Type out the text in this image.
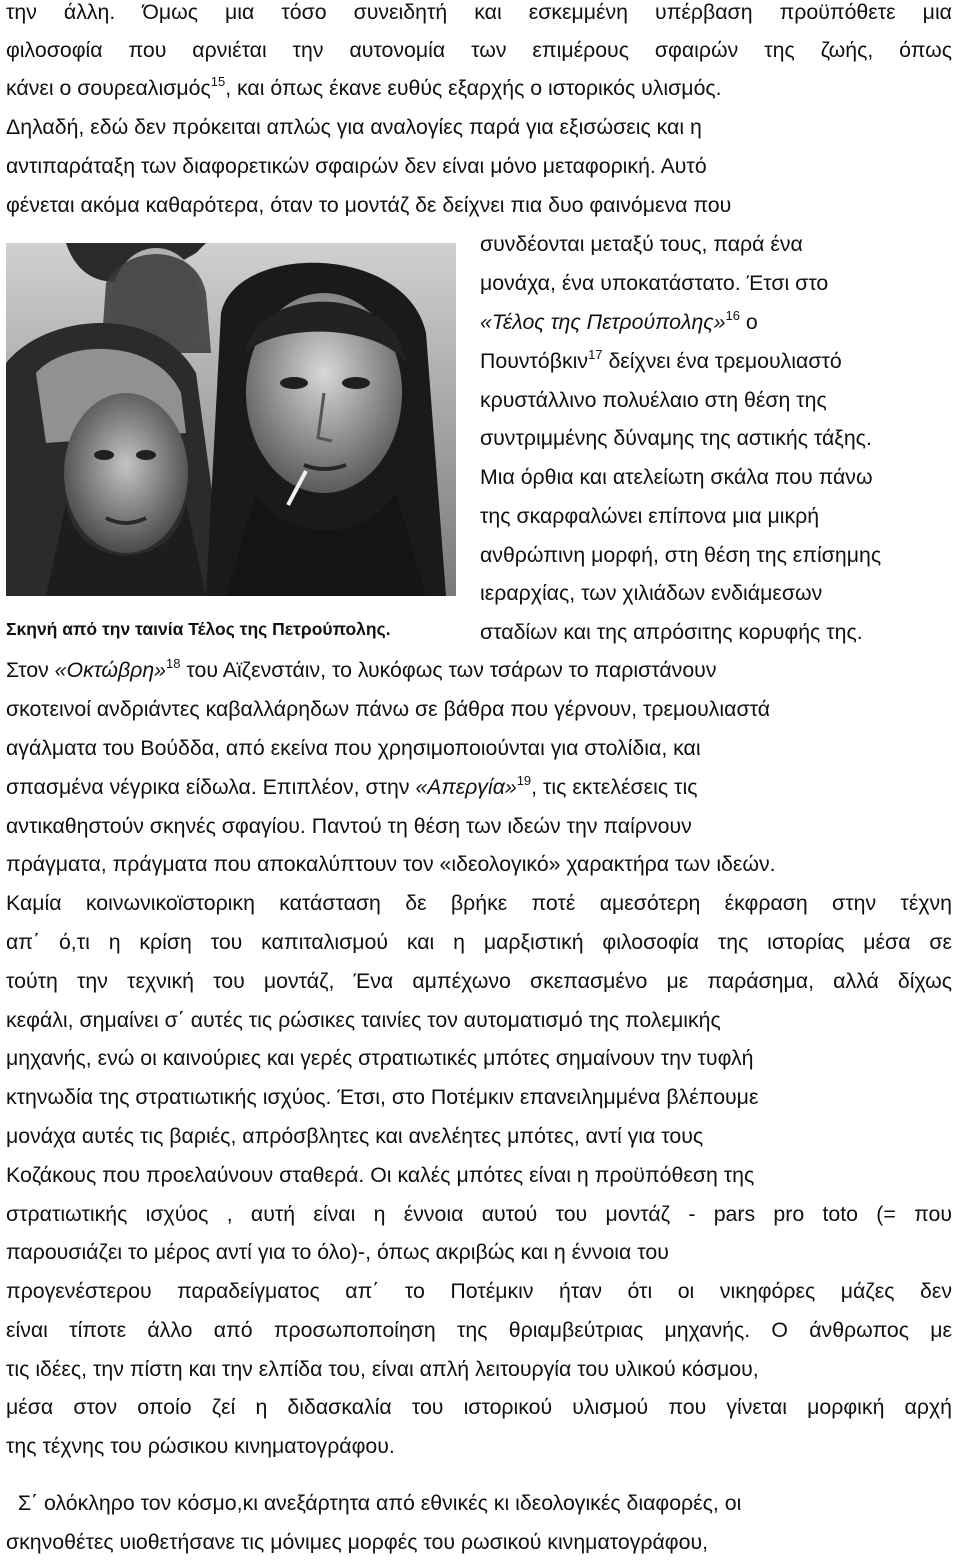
την άλλη. Όμως μια τόσο συνειδητή και εσκεμμένη υπέρβαση προϋπόθετε μια

φιλοσοφία που αρνιέται την αυτονομία των επιμέρους σφαιρών της ζωής, όπως

κάνει ο σουρεαλισμός$^{15}$, και όπως έκανε ευθύς εξαρχής ο ιστορικός υλισμός.

Δηλαδή, εδώ δεν πρόκειται απλώς για αναλογίες παρά για εξισώσεις και η

αντιπαράταξη των διαφορετικών σφαιρών δεν είναι μόνο μεταφορική. Αυτό

φένεται ακόμα καθαρότερα, όταν το μοντάζ δε δείχνει πια δυο φαινόμενα που

συνδέονται μεταξύ τους, παρά ένα

μονάχα, ένα υποκατάστατο. Έτσι στο

«Τέλος της Πετρούπολης»$^{16}$ ο

Πουντόβκιν$^{17}$ δείχνει ένα τρεμουλιαστό

κρυστάλλινο πολυέλαιο στη θέση της

συντριμμένης δύναμης της αστικής τάξης.

Μια όρθια και ατελείωτη σκάλα που πάνω

της σκαρφαλώνει επίπονα μια μικρή

ανθρώπινη μορφή, στη θέση της επίσημης

ιεραρχίας, των χιλιάδων ενδιάμεσων

σταδίων και της απρόσιτης κορυφής της.

Σκηνή από την ταινία Τέλος της Πετρούπολης.

Στον «Οκτώβρη»$^{18}$ του Αϊζενστάιν, το λυκόφως των τσάρων το παριστάνουν

σκοτεινοί ανδριάντες καβαλλάρηδων πάνω σε βάθρα που γέρνουν, τρεμουλιαστά

αγάλματα του Βούδδα, από εκείνα που χρησιμοποιούνται για στολίδια, και

σπασμένα νέγρικα είδωλα. Επιπλέον, στην «Απεργία»$^{19}$, τις εκτελέσεις τις

αντικαθηστούν σκηνές σφαγίου. Παντού τη θέση των ιδεών την παίρνουν

πράγματα, πράγματα που αποκαλύπτουν τον «ιδεολογικό» χαρακτήρα των ιδεών.

Καμία κοινωνικοϊστορικη κατάσταση δε βρήκε ποτέ αμεσότερη έκφραση στην τέχνη

απ΄ ό,τι η κρίση του καπιταλισμού και η μαρξιστική φιλοσοφία της ιστορίας μέσα σε

τούτη την τεχνική του μοντάζ, Ένα αμπέχωνο σκεπασμένο με παράσημα, αλλά δίχως

κεφάλι, σημαίνει σ΄ αυτές τις ρώσικες ταινίες τον αυτοματισμό της πολεμικής

μηχανής, ενώ οι καινούριες και γερές στρατιωτικές μπότες σημαίνουν την τυφλή

κτηνωδία της στρατιωτικής ισχύος. Έτσι, στο Ποτέμκιν επανειλημμένα βλέπουμε

μονάχα αυτές τις βαριές, απρόσβλητες και ανελέητες μπότες, αντί για τους

Κοζάκους που προελαύνουν σταθερά. Οι καλές μπότες είναι η προϋπόθεση της

στρατιωτικής ισχύος , αυτή είναι η έννοια αυτού του μοντάζ - pars pro toto (= που

παρουσιάζει το μέρος αντί για το όλο)-, όπως ακριβώς και η έννοια του

προγενέστερου παραδείγματος απ΄ το Ποτέμκιν ήταν ότι οι νικηφόρες μάζες δεν

είναι τίποτε άλλο από προσωποποίηση της θριαμβεύτριας μηχανής. Ο άνθρωπος με

τις ιδέες, την πίστη και την ελπίδα του, είναι απλή λειτουργία του υλικού κόσμου,

μέσα στον οποίο ζεί η διδασκαλία του ιστορικού υλισμού που γίνεται μορφική αρχή

της τέχνης του ρώσικου κινηματογράφου.

Σ΄ ολόκληρο τον κόσμο,κι ανεξάρτητα από εθνικές κι ιδεολογικές διαφορές, οι

σκηνοθέτες υιοθετήσανε τις μόνιμες μορφές του ρωσικού κινηματογράφου,
